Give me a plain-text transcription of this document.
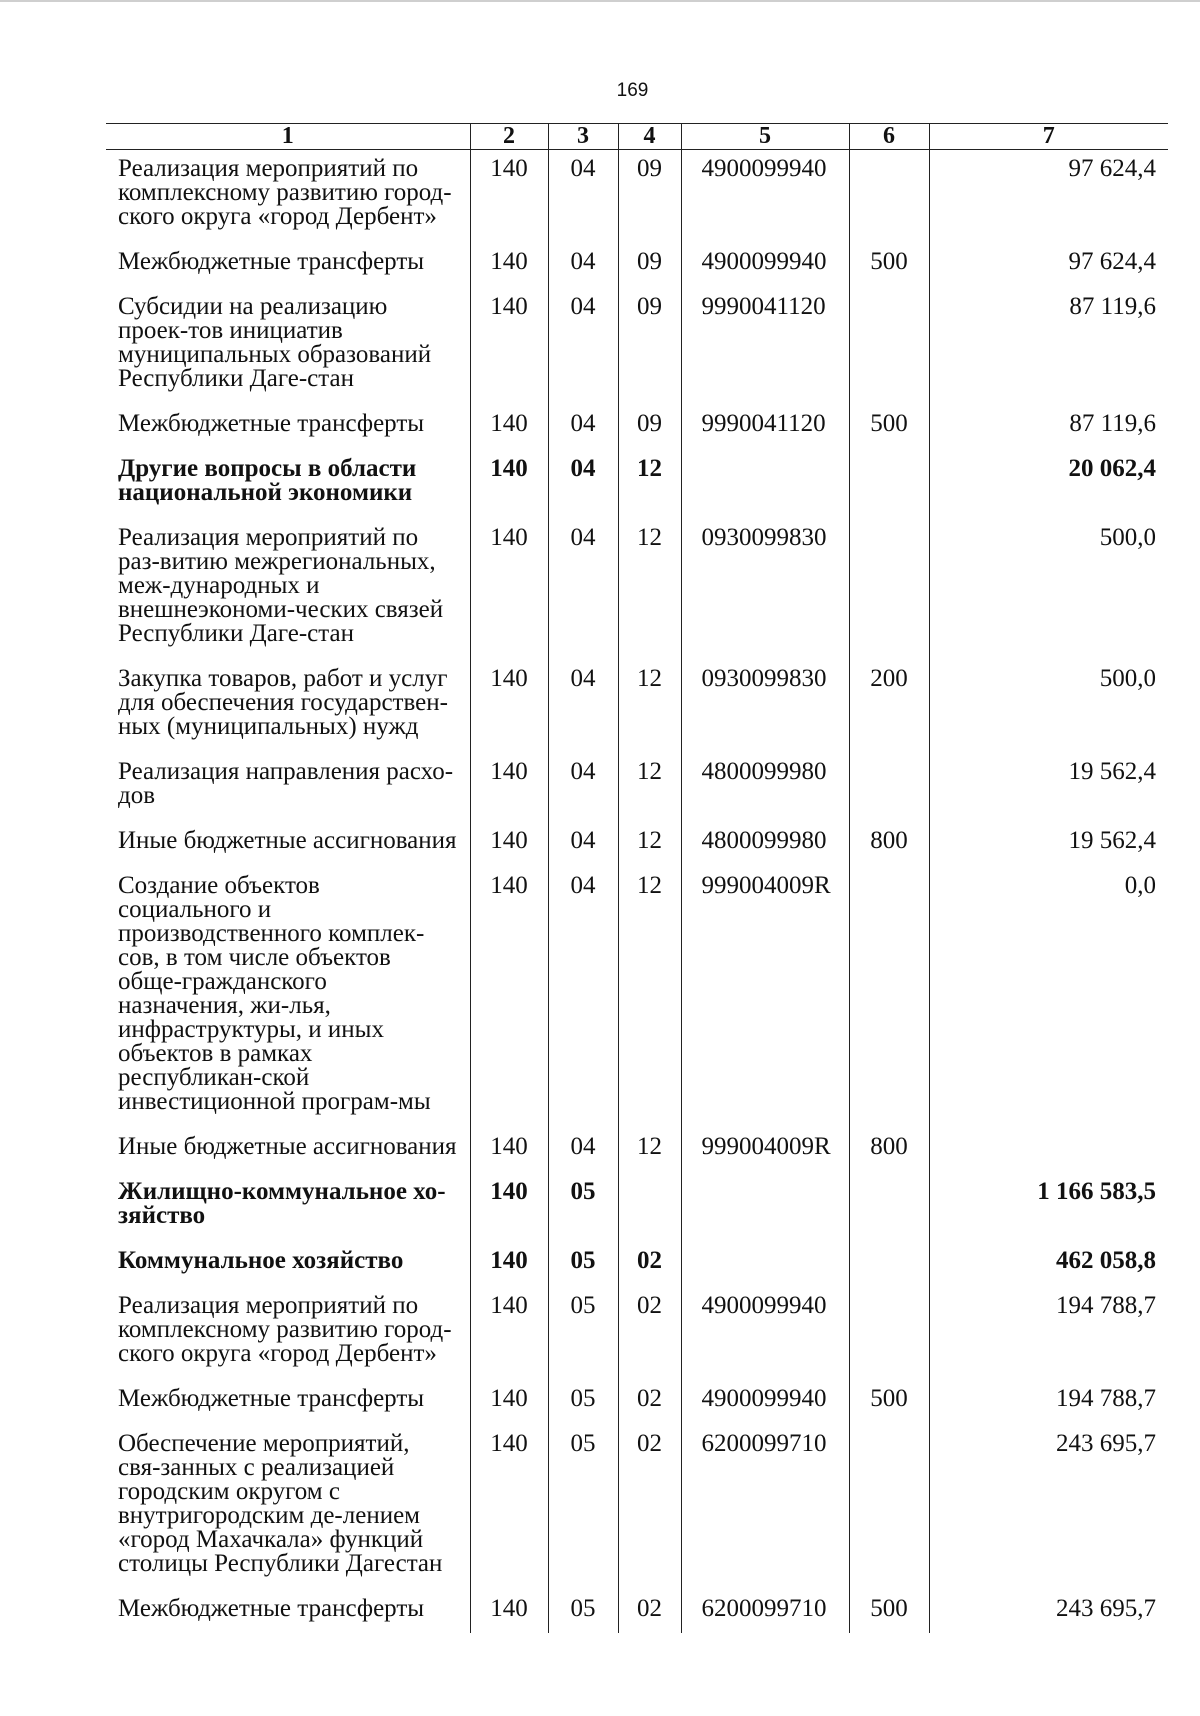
169
1	2	3	4	5	6	7
Реализация мероприятий по комплексному развитию город-ского округа «город Дербент»	140	04	09	4900099940		97 624,4
Межбюджетные трансферты	140	04	09	4900099940	500	97 624,4
Субсидии на реализацию проек-тов инициатив муниципальных образований Республики Даге-стан	140	04	09	9990041120		87 119,6
Межбюджетные трансферты	140	04	09	9990041120	500	87 119,6
Другие вопросы в области национальной экономики	140	04	12			20 062,4
Реализация мероприятий по раз-витию межрегиональных, меж-дународных и внешнеэкономи-ческих связей Республики Даге-стан	140	04	12	0930099830		500,0
Закупка товаров, работ и услуг для обеспечения государствен-ных (муниципальных) нужд	140	04	12	0930099830	200	500,0
Реализация направления расхо-дов	140	04	12	4800099980		19 562,4
Иные бюджетные ассигнования	140	04	12	4800099980	800	19 562,4
Создание объектов социального и производственного комплек-сов, в том числе объектов обще-гражданского назначения, жи-лья, инфраструктуры, и иных объектов в рамках республикан-ской инвестиционной програм-мы	140	04	12	999004009R		0,0
Иные бюджетные ассигнования	140	04	12	999004009R	800	
Жилищно-коммунальное хо-зяйство	140	05				1 166 583,5
Коммунальное хозяйство	140	05	02			462 058,8
Реализация мероприятий по комплексному развитию город-ского округа «город Дербент»	140	05	02	4900099940		194 788,7
Межбюджетные трансферты	140	05	02	4900099940	500	194 788,7
Обеспечение мероприятий, свя-занных с реализацией городским округом с внутригородским де-лением «город Махачкала» функций столицы Республики Дагестан	140	05	02	6200099710		243 695,7
Межбюджетные трансферты	140	05	02	6200099710	500	243 695,7
